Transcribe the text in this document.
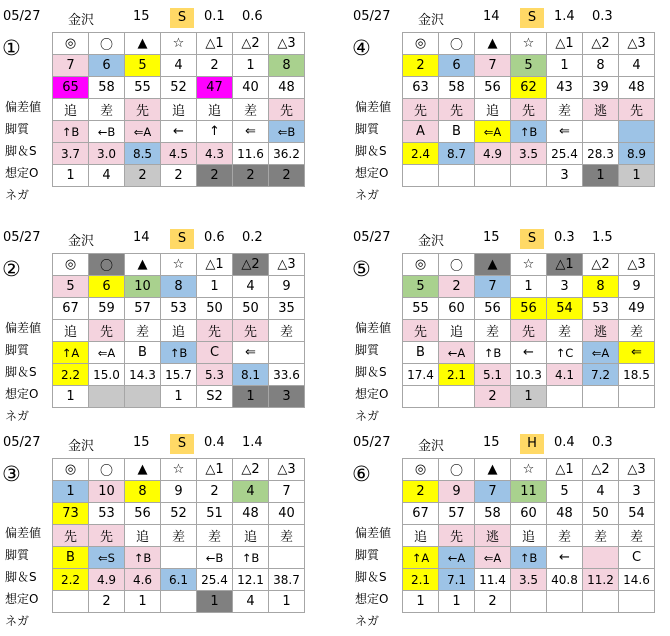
05/27 金沢	15	S	0.1 0.6
①
偏差値
脚質
脚＆S
想定O
ネガ
◎	〇	▲	☆	△1	△2	△3
7	6	5	4	2	1	8
65	58	55	52	47	40	48
追	差	先	追	追	差	先
↑B	←B	⇐A	←	↑	⇐	⇐B
3.7	3.0	8.5	4.5	4.3	11.6	36.2
1	4	2	2	2	2	2
05/27 金沢	14	S	1.4 0.3
④
偏差値
脚質
脚＆S
想定O
ネガ
◎	〇	▲	☆	△1	△2	△3
2	6	7	5	1	8	4
63	58	56	62	43	39	48
先	先	追	先	差	逃	先
A	B	⇐A	↑B	⇐		
2.4	8.7	4.9	3.5	25.4	28.3	8.9
				3	1	1
05/27 金沢	14	S	0.6 0.2
②
偏差値
脚質
脚＆S
想定O
ネガ
◎	〇	▲	☆	△1	△2	△3
5	6	10	8	1	4	9
67	59	57	53	50	50	35
追	先	差	追	先	先	差
↑A	⇐A	B	↑B	C	⇐	
2.2	15.0	14.3	15.7	5.3	8.1	33.6
1			1	S2	1	3
05/27 金沢	15	S	0.3 1.5
⑤
偏差値
脚質
脚＆S
想定O
ネガ
◎	〇	▲	☆	△1	△2	△3
5	2	7	1	3	8	9
55	60	56	56	54	53	49
先	追	差	先	差	逃	差
B	←A	↑B	←	↑C	⇐A	⇐
17.4	2.1	5.1	10.3	4.1	7.2	18.5
		2	1			
05/27 金沢	15	S	0.4 1.4
③
偏差値
脚質
脚＆S
想定O
ネガ
◎	〇	▲	☆	△1	△2	△3
1	10	8	9	2	4	7
73	53	56	52	51	48	40
先	先	追	差	差	追	差
B	⇐S	↑B		←B	↑B	
2.2	4.9	4.6	6.1	25.4	12.1	38.7
	2	1		1	4	1
05/27 金沢	15	H	0.4 0.3
⑥
偏差値
脚質
脚＆S
想定O
ネガ
◎	〇	▲	☆	△1	△2	△3
2	9	7	11	5	4	3
67	57	58	60	48	50	54
追	先	逃	追	差	差	差
↑A	←A	⇐A	↑B	←		C
2.1	7.1	11.4	3.5	40.8	11.2	14.6
1	1	2				
